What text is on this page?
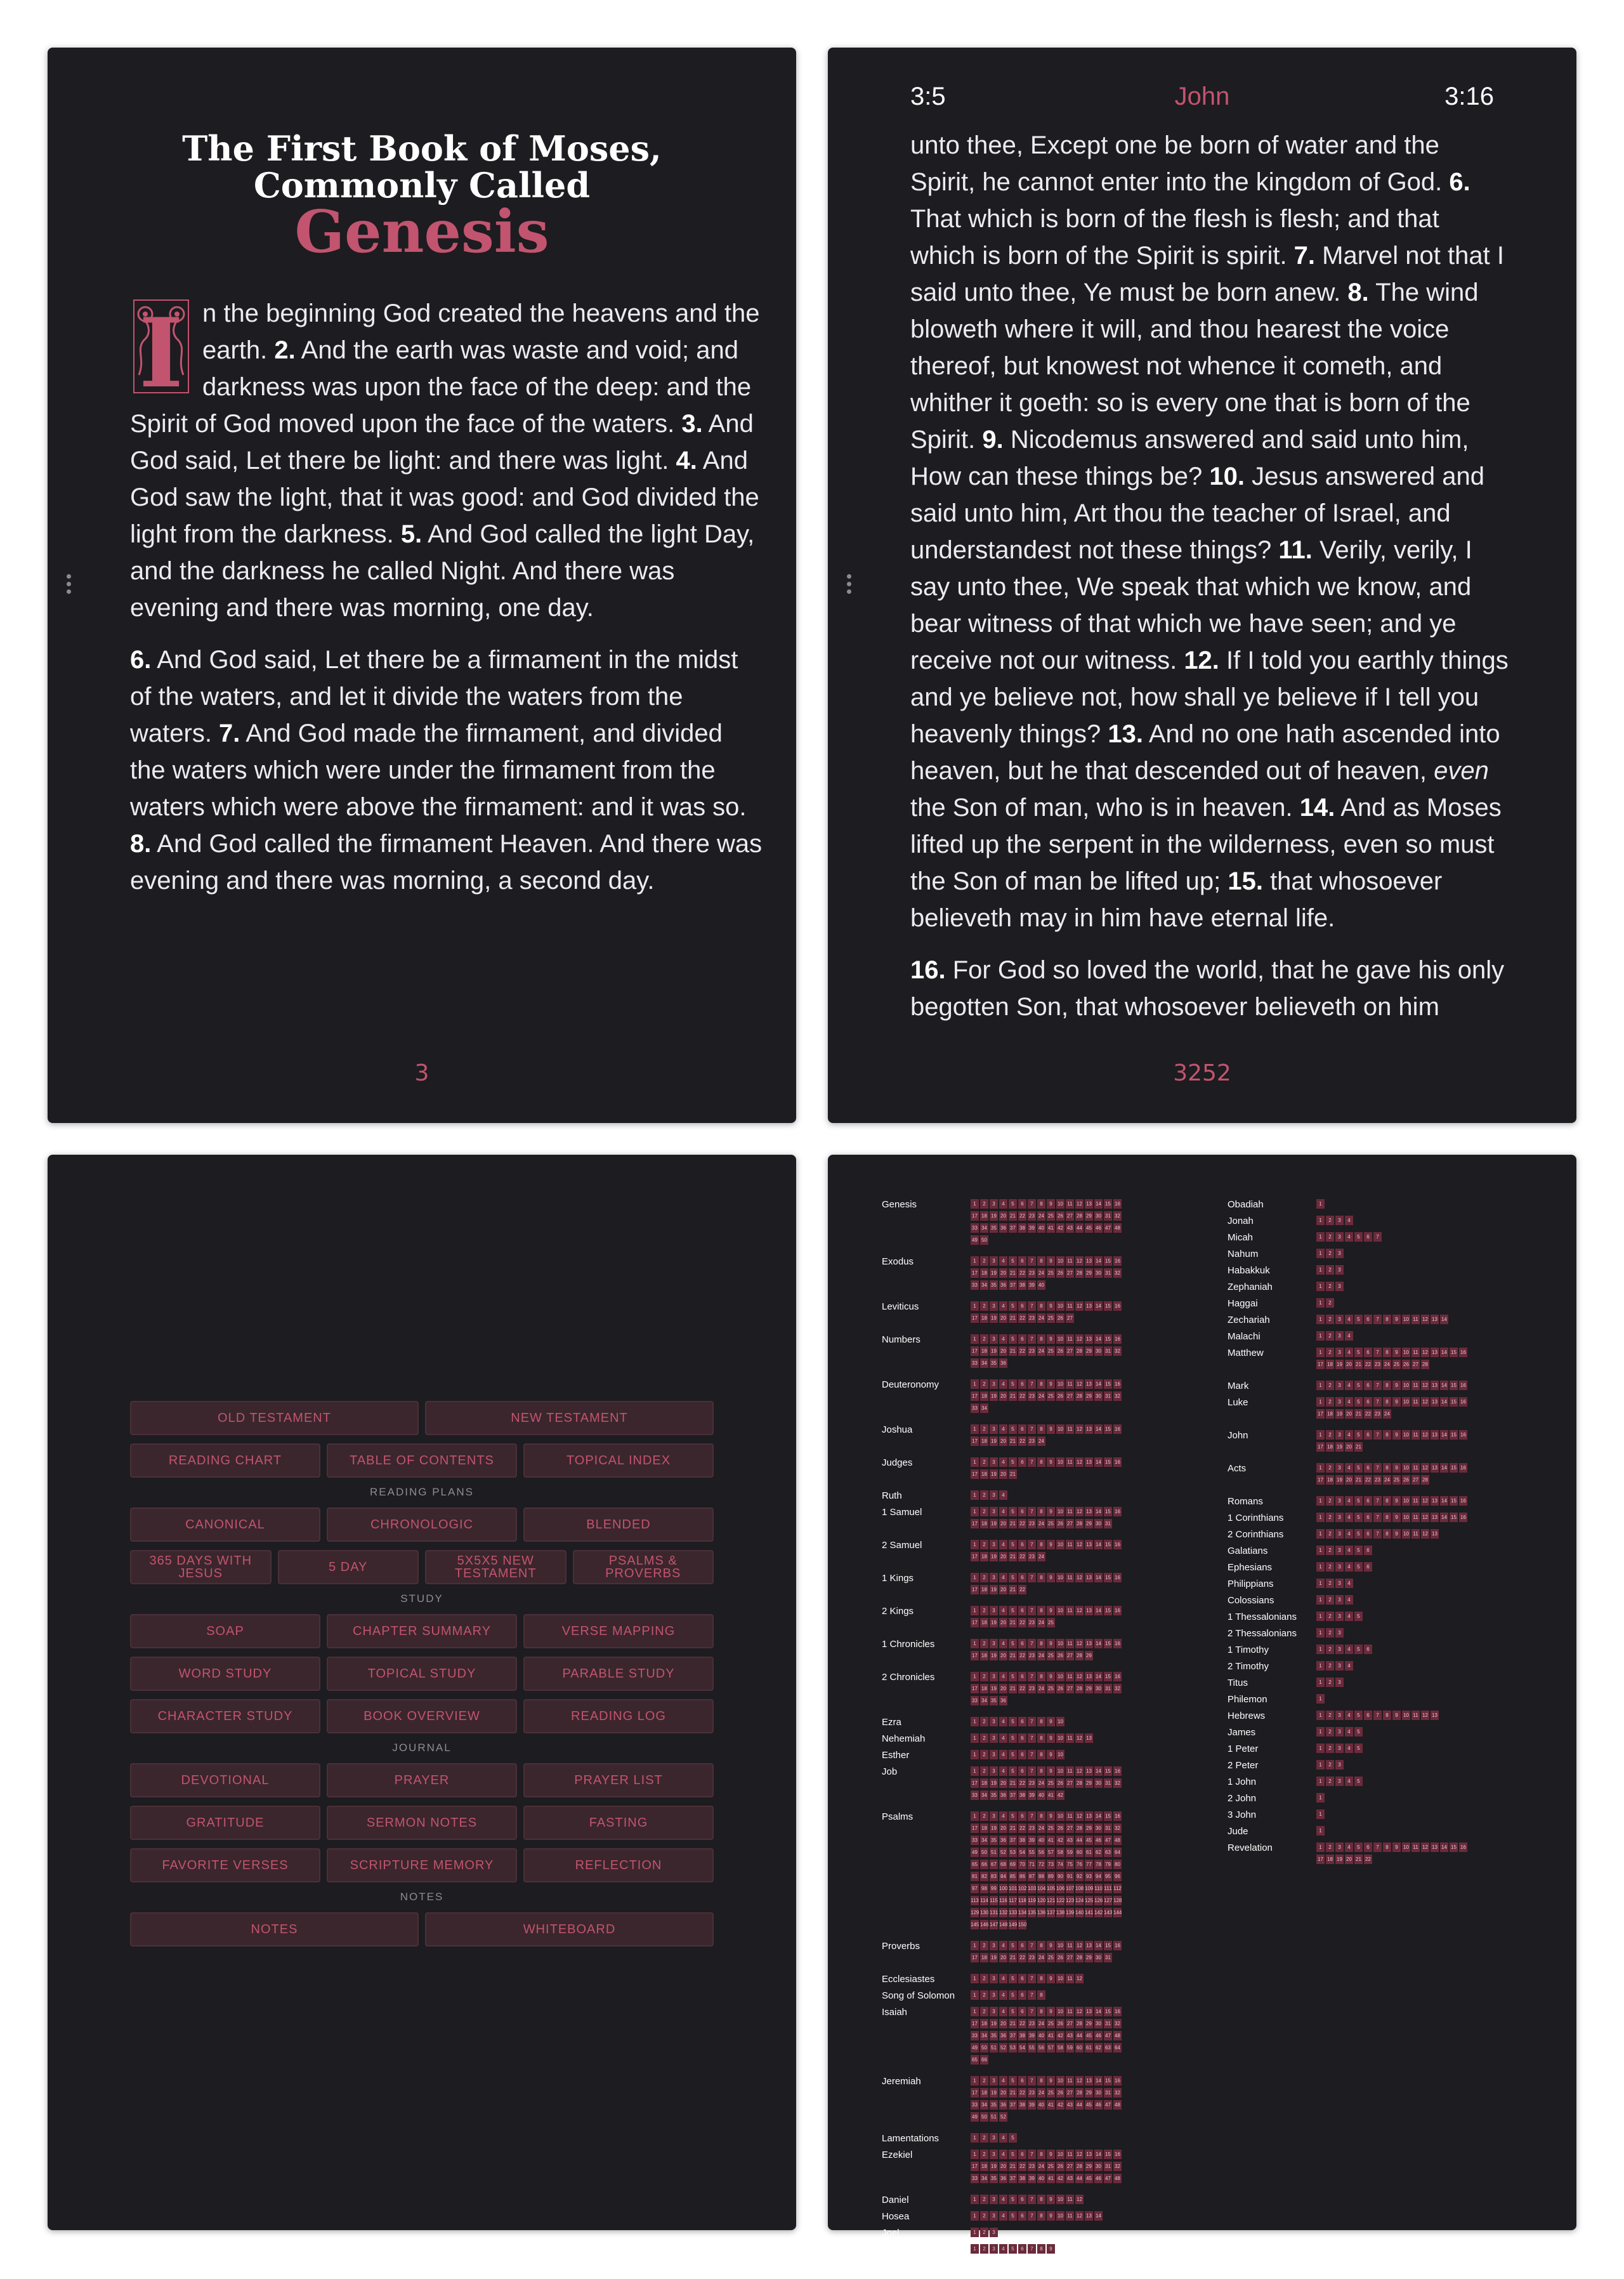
The First Book of Moses,
Commonly Called
Genesis

I n the beginning God created the heavens and the earth. 2. And the earth was waste and void; and darkness was upon the face of the deep: and the Spirit of God moved upon the face of the waters. 3. And God said, Let there be light: and there was light. 4. And God saw the light, that it was good: and God divided the light from the darkness. 5. And God called the light Day, and the darkness he called Night. And there was evening and there was morning, one day.

6. And God said, Let there be a firmament in the midst of the waters, and let it divide the waters from the waters. 7. And God made the firmament, and divided the waters which were under the firmament from the waters which were above the firmament: and it was so. 8. And God called the firmament Heaven. And there was evening and there was morning, a second day.

3
3:5	John	3:16

unto thee, Except one be born of water and the Spirit, he cannot enter into the kingdom of God. 6. That which is born of the flesh is flesh; and that which is born of the Spirit is spirit. 7. Marvel not that I said unto thee, Ye must be born anew. 8. The wind bloweth where it will, and thou hearest the voice thereof, but knowest not whence it cometh, and whither it goeth: so is every one that is born of the Spirit. 9. Nicodemus answered and said unto him, How can these things be? 10. Jesus answered and said unto him, Art thou the teacher of Israel, and understandest not these things? 11. Verily, verily, I say unto thee, We speak that which we know, and bear witness of that which we have seen; and ye receive not our witness. 12. If I told you earthly things and ye believe not, how shall ye believe if I tell you heavenly things? 13. And no one hath ascended into heaven, but he that descended out of heaven, even the Son of man, who is in heaven. 14. And as Moses lifted up the serpent in the wilderness, even so must the Son of man be lifted up; 15. that whosoever believeth may in him have eternal life.

16. For God so loved the world, that he gave his only begotten Son, that whosoever believeth on him

3252
OLD TESTAMENT	NEW TESTAMENT
READING CHART	TABLE OF CONTENTS	TOPICAL INDEX
READING PLANS
CANONICAL	CHRONOLOGIC	BLENDED
365 DAYS WITH JESUS	5 DAY	5X5X5 NEW TESTAMENT
PSALMS & PROVERBS
STUDY
SOAP	CHAPTER SUMMARY	VERSE MAPPING
WORD STUDY	TOPICAL STUDY	PARABLE STUDY
CHARACTER STUDY	BOOK OVERVIEW	READING LOG
JOURNAL
DEVOTIONAL	PRAYER	PRAYER LIST
GRATITUDE	SERMON NOTES	FASTING
FAVORITE VERSES	SCRIPTURE MEMORY	REFLECTION
NOTES
NOTES	WHITEBOARD
Genesis	1	2	3	4	5	6	7	8	9	10 11 12 13 14 15 16
17 18 19 20 21 22 23 24 25 26 27 28 29 30 31 32
33 34 35 36 37 38 39 40 41 42 43 44 45 46 47 48
49 50
Exodus	1	2	3	4	5	6	7	8	9	10 11 12 13 14 15 16
17 18 19 20 21 22 23 24 25 26 27 28 29 30 31 32
33 34 35 36 37 38 39 40
Leviticus	1	2	3	4	5	6	7	8	9	10 11 12 13 14 15 16
17 18 19 20 21 22 23 24 25 26 27
Numbers	1	2	3	4	5	6	7	8	9	10 11 12 13 14 15 16
17 18 19 20 21 22 23 24 25 26 27 28 29 30 31 32
33 34 35 36
Deuteronomy	1	2	3	4	5	6	7	8	9	10 11 12 13 14 15 16
17 18 19 20 21 22 23 24 25 26 27 28 29 30 31 32
33 34
Joshua	1	2	3	4	5	6	7	8	9	10 11 12 13 14 15 16
17 18 19 20 21 22 23 24
Judges	1	2	3	4	5	6	7	8	9	10 11 12 13 14 15 16
17 18 19 20 21
Ruth	1	2	3	4
1 Samuel	1	2	3	4	5	6	7	8	9	10 11 12 13 14 15 16
17 18 19 20 21 22 23 24 25 26 27 28 29 30 31
2 Samuel	1	2	3	4	5	6	7	8	9	10 11 12 13 14 15 16
17 18 19 20 21 22 23 24
1 Kings	1	2	3	4	5	6	7	8	9	10 11 12 13 14 15 16
17 18 19 20 21 22
2 Kings	1	2	3	4	5	6	7	8	9	10 11 12 13 14 15 16
17 18 19 20 21 22 23 24 25
1 Chronicles	1	2	3	4	5	6	7	8	9	10 11 12 13 14 15 16
17 18 19 20 21 22 23 24 25 26 27 28 29
2 Chronicles	1	2	3	4	5	6	7	8	9	10 11 12 13 14 15 16
17 18 19 20 21 22 23 24 25 26 27 28 29 30 31 32
33 34 35 36
Ezra	1	2	3	4	5	6	7	8	9	10
Nehemiah	1	2	3	4	5	6	7	8	9	10 11 12 13
Esther	1	2	3	4	5	6	7	8	9	10
Job	1	2	3	4	5	6	7	8	9	10 11 12 13 14 15 16
17 18 19 20 21 22 23 24 25 26 27 28 29 30 31 32
33 34 35 36 37 38 39 40 41 42
Psalms	1	2	3	4	5	6	7	8	9	10 11 12 13 14 15 16
17 18 19 20 21 22 23 24 25 26 27 28 29 30 31 32
33 34 35 36 37 38 39 40 41 42 43 44 45 46 47 48
49 50 51 52 53 54 55 56 57 58 59 60 61 62 63 64
65 66 67 68 69 70 71 72 73 74 75 76 77 78 79 80
81 82 83 84 85 86 87 88 89 90 91 92 93 94 95 96
97 98 99 100 101 102 103 104 105 106 107 108 109 110 111 112
113 114 115 116 117 118 119 120 121 122 123 124 125 126 127 128
129 130 131 132 133 134 135 136 137 138 139 140 141 142 143 144
145 146 147 148 149 150
Proverbs	1	2	3	4	5	6	7	8	9	10 11 12 13 14 15 16
17 18 19 20 21 22 23 24 25 26 27 28 29 30 31
Ecclesiastes	1	2	3	4	5	6	7	8	9	10 11 12
Song of Solomon	1	2	3	4	5	6	7	8
Isaiah	1	2	3	4	5	6	7	8	9	10 11 12 13 14 15 16
17 18 19 20 21 22 23 24 25 26 27 28 29 30 31 32
33 34 35 36 37 38 39 40 41 42 43 44 45 46 47 48
49 50 51 52 53 54 55 56 57 58 59 60 61 62 63 64
65 66
Jeremiah	1	2	3	4	5	6	7	8	9	10 11 12 13 14 15 16
17 18 19 20 21 22 23 24 25 26 27 28 29 30 31 32
33 34 35 36 37 38 39 40 41 42 43 44 45 46 47 48
49 50 51 52
Lamentations	1	2	3	4	5
Ezekiel	1	2	3	4	5	6	7	8	9	10 11 12 13 14 15 16
17 18 19 20 21 22 23 24 25 26 27 28 29 30 31 32
33 34 35 36 37 38 39 40 41 42 43 44 45 46 47 48
Daniel	1	2	3	4	5	6	7	8	9	10 11 12
Hosea	1	2	3	4	5	6	7	8	9	10 11 12 13 14
Joel	1	2	3
Amos	1	2	3	4	5	6	7	8	9
Obadiah	1
Jonah	1	2	3	4
Micah	1	2	3	4	5	6	7
Nahum	1	2	3
Habakkuk	1	2	3
Zephaniah	1	2	3
Haggai	1	2
Zechariah	1	2	3	4	5	6	7	8	9	10 11 12 13 14
Malachi	1	2	3	4
Matthew	1	2	3	4	5	6	7	8	9	10 11 12 13 14 15 16
17 18 19 20 21 22 23 24 25 26 27 28
Mark	1	2	3	4	5	6	7	8	9	10 11 12 13 14 15 16
Luke	1	2	3	4	5	6	7	8	9	10 11 12 13 14 15 16
17 18 19 20 21 22 23 24
John	1	2	3	4	5	6	7	8	9	10 11 12 13 14 15 16
17 18 19 20 21
Acts	1	2	3	4	5	6	7	8	9	10 11 12 13 14 15 16
17 18 19 20 21 22 23 24 25 26 27 28
Romans	1	2	3	4	5	6	7	8	9	10 11 12 13 14 15 16
1 Corinthians	1	2	3	4	5	6	7	8	9	10 11 12 13 14 15 16
2 Corinthians	1	2	3	4	5	6	7	8	9	10 11 12 13
Galatians	1	2	3	4	5	6
Ephesians	1	2	3	4	5	6
Philippians	1	2	3	4
Colossians	1	2	3	4
1 Thessalonians	1	2	3	4	5
2 Thessalonians	1	2	3
1 Timothy	1	2	3	4	5	6
2 Timothy	1	2	3	4
Titus	1	2	3
Philemon	1
Hebrews	1	2	3	4	5	6	7	8	9	10 11 12 13
James	1	2	3	4	5
1 Peter	1	2	3	4	5
2 Peter	1	2	3
1 John	1	2	3	4	5
2 John	1
3 John	1
Jude	1
Revelation	1	2	3	4	5	6	7	8	9	10 11 12 13 14 15 16
17 18 19 20 21 22
